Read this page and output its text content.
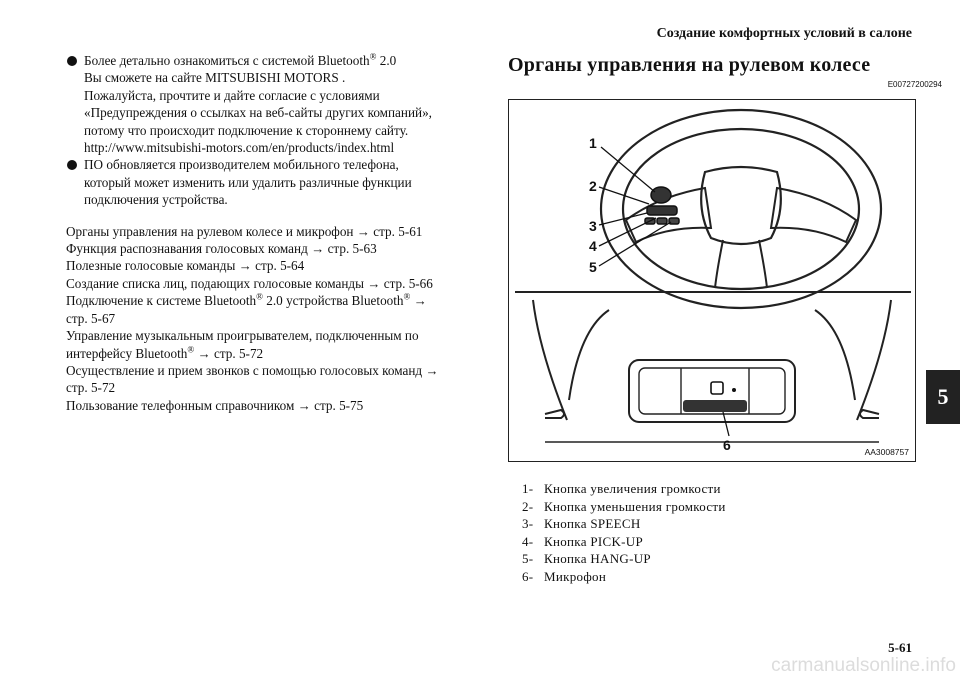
Создание комфортных условий в салоне

Более детально ознакомиться с системой Bluetooth® 2.0

Вы сможете на сайте MITSUBISHI MOTORS .

Пожалуйста, прочтите и дайте согласие с условиями

«Предупреждения о ссылках на веб-сайты других компаний»,

потому что происходит подключение к стороннему сайту.

http://www.mitsubishi-motors.com/en/products/index.html

ПО обновляется производителем мобильного телефона,

который может изменить или удалить различные функции

подключения устройства.

Органы управления на рулевом колесе и микрофон → стр. 5-61

Функция распознавания голосовых команд → стр. 5-63

Полезные голосовые команды → стр. 5-64

Создание списка лиц, подающих голосовые команды → стр. 5-66

Подключение к системе Bluetooth® 2.0 устройства Bluetooth® →

стр. 5-67

Управление музыкальным проигрывателем, подключенным по

интерфейсу Bluetooth® → стр. 5-72

Осуществление и прием звонков с помощью голосовых команд →

стр. 5-72

Пользование телефонным справочником → стр. 5-75

Органы управления на рулевом колесе
E00727200294
1
2
3
4
5
6	AA3008757
1- Кнопка увеличения громкости
2- Кнопка уменьшения громкости
3- Кнопка SPEECH
4- Кнопка PICK-UP
5- Кнопка HANG-UP
6- Микрофон
5
5-61
carmanualsonline.info
